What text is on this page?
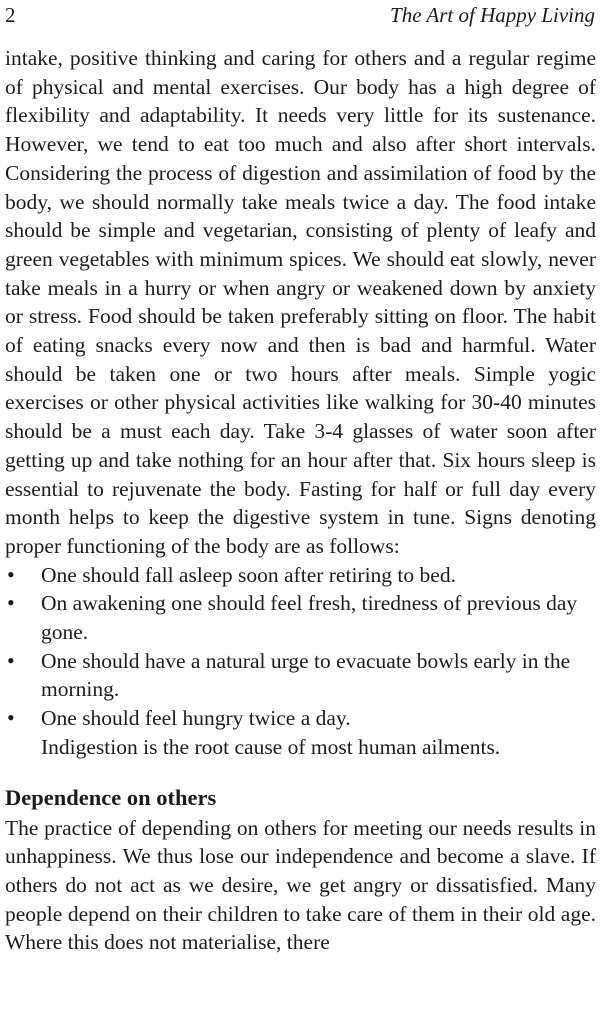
2	The Art of Happy Living

intake, positive thinking and caring for others and a regular regime of physical and mental exercises. Our body has a high degree of flexibility and adaptability. It needs very little for its sustenance. However, we tend to eat too much and also after short intervals. Considering the process of digestion and assimilation of food by the body, we should normally take meals twice a day. The food intake should be simple and vegetarian, consisting of plenty of leafy and green vegetables with minimum spices. We should eat slowly, never take meals in a hurry or when angry or weakened down by anxiety or stress. Food should be taken preferably sitting on floor. The habit of eating snacks every now and then is bad and harmful. Water should be taken one or two hours after meals. Simple yogic exercises or other physical activities like walking for 30-40 minutes should be a must each day. Take 3-4 glasses of water soon after getting up and take nothing for an hour after that. Six hours sleep is essential to rejuvenate the body. Fasting for half or full day every month helps to keep the digestive system in tune. Signs denoting proper functioning of the body are as follows:

• One should fall asleep soon after retiring to bed.
• On awakening one should feel fresh, tiredness of previous day gone.
• One should have a natural urge to evacuate bowls early in the morning.
• One should feel hungry twice a day.

Indigestion is the root cause of most human ailments.

Dependence on others

The practice of depending on others for meeting our needs results in unhappiness. We thus lose our independence and become a slave. If others do not act as we desire, we get angry or dissatisfied. Many people depend on their children to take care of them in their old age. Where this does not materialise, there
